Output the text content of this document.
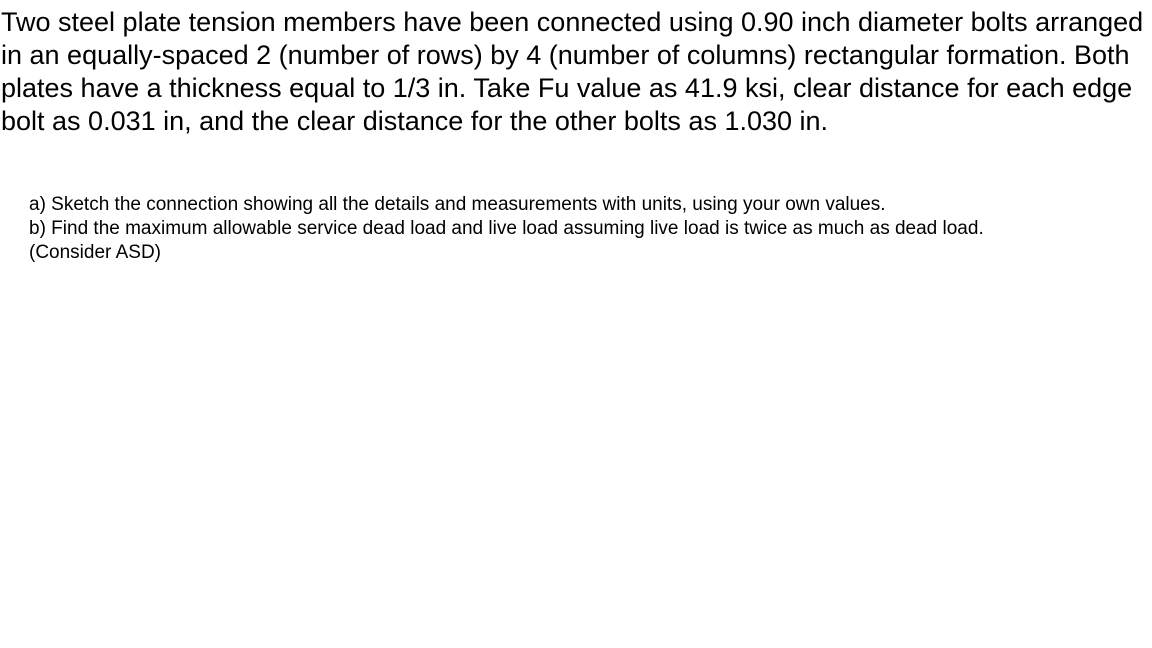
Two steel plate tension members have been connected using 0.90 inch diameter bolts arranged in an equally-spaced 2 (number of rows) by 4 (number of columns) rectangular formation. Both plates have a thickness equal to 1/3 in. Take Fu value as 41.9 ksi, clear distance for each edge bolt as 0.031 in, and the clear distance for the other bolts as 1.030 in.

a) Sketch the connection showing all the details and measurements with units, using your own values.
b) Find the maximum allowable service dead load and live load assuming live load is twice as much as dead load.
(Consider ASD)
